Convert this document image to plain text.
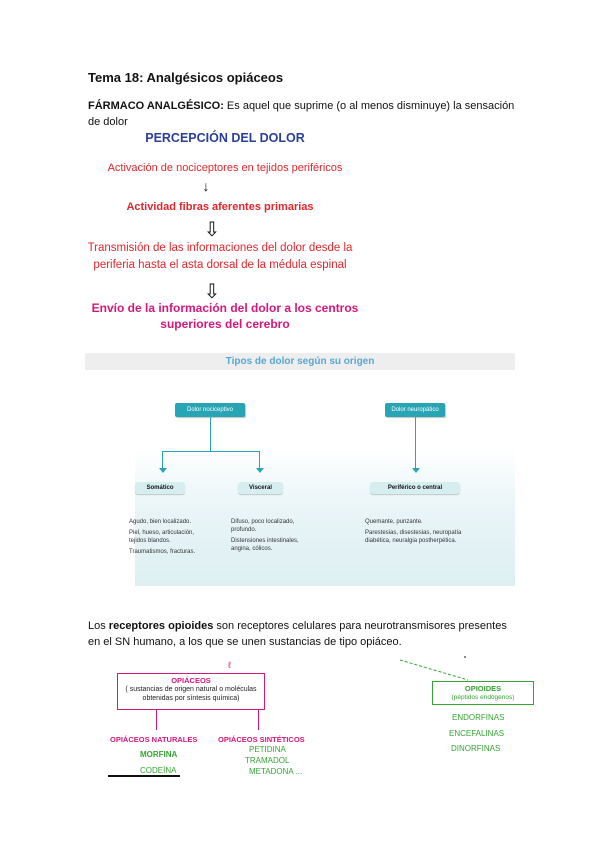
Tema 18: Analgésicos opiáceos
FÁRMACO ANALGÉSICO: Es aquel que suprime (o al menos disminuye) la sensación de dolor
PERCEPCIÓN DEL DOLOR
Activación de nociceptores en tejidos periféricos
↓
Actividad fibras aferentes primarias
⇩
Transmisión de las informaciones del dolor desde la
periferia hasta el asta dorsal de la médula espinal
⇩
Envío de la información del dolor a los centros
superiores del cerebro
Tipos de dolor según su origen
Dolor nociceptivo	Dolor neuropático
Somático	Visceral	Periférico o central

Agudo, bien localizado.

Piel, hueso, articulación, tejidos blandos.

Traumatismos, fracturas.

Difuso, poco localizado, profundo.

Distensiones intestinales, angina, cólicos.

Quemante, punzante.

Parestesias, disestesias, neuropatía diabética, neuralgia postherpética.

Los receptores opioides son receptores celulares para neurotransmisores presentes en el SN humano, a los que se unen sustancias de tipo opiáceo.
ℓ
OPIÁCEOS
( sustancias de origen natural o moléculas
obtenidas por síntesis química)
OPIÁCEOS NATURALES
MORFINA
CODEÍNA
OPIÁCEOS SINTÉTICOS
PETIDINA
TRAMADOL
METADONA ...
OPIOIDES
(péptidos endógenos)
ENDORFINAS
ENCEFALINAS
DINORFINAS
